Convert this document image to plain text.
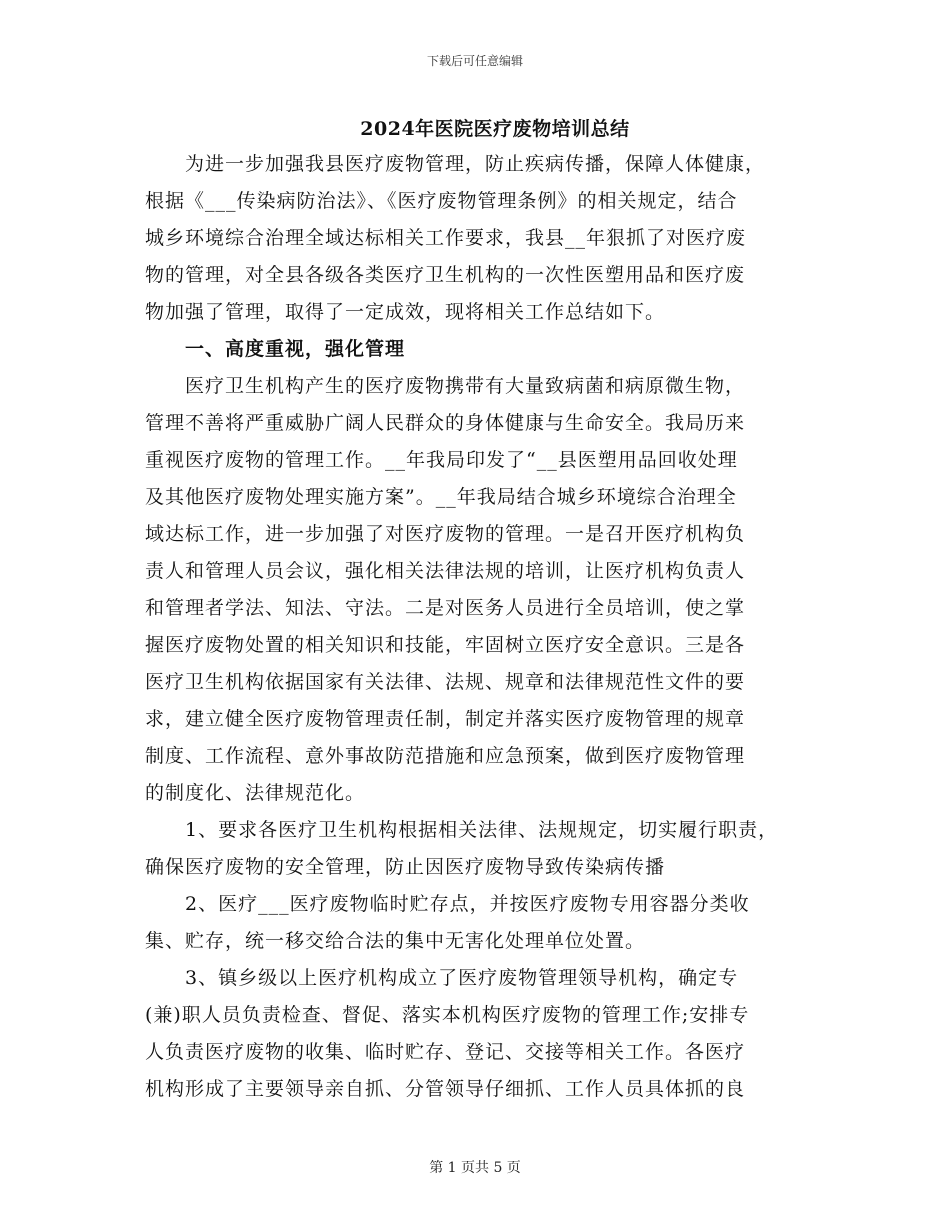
下载后可任意编辑
2024年医院医疗废物培训总结
为进一步加强我县医疗废物管理，防止疾病传播，保障人体健康，
根据《___传染病防治法》、《医疗废物管理条例》的相关规定，结合
城乡环境综合治理全域达标相关工作要求，我县__年狠抓了对医疗废
物的管理，对全县各级各类医疗卫生机构的一次性医塑用品和医疗废
物加强了管理，取得了一定成效，现将相关工作总结如下。
一、高度重视，强化管理
医疗卫生机构产生的医疗废物携带有大量致病菌和病原微生物，
管理不善将严重威胁广阔人民群众的身体健康与生命安全。我局历来
重视医疗废物的管理工作。__年我局印发了“__县医塑用品回收处理
及其他医疗废物处理实施方案”。__年我局结合城乡环境综合治理全
域达标工作，进一步加强了对医疗废物的管理。一是召开医疗机构负
责人和管理人员会议，强化相关法律法规的培训，让医疗机构负责人
和管理者学法、知法、守法。二是对医务人员进行全员培训，使之掌
握医疗废物处置的相关知识和技能，牢固树立医疗安全意识。三是各
医疗卫生机构依据国家有关法律、法规、规章和法律规范性文件的要
求，建立健全医疗废物管理责任制，制定并落实医疗废物管理的规章
制度、工作流程、意外事故防范措施和应急预案，做到医疗废物管理
的制度化、法律规范化。
1、要求各医疗卫生机构根据相关法律、法规规定，切实履行职责，
确保医疗废物的安全管理，防止因医疗废物导致传染病传播
2、医疗___医疗废物临时贮存点，并按医疗废物专用容器分类收
集、贮存，统一移交给合法的集中无害化处理单位处置。
3、镇乡级以上医疗机构成立了医疗废物管理领导机构，确定专
(兼)职人员负责检查、督促、落实本机构医疗废物的管理工作;安排专
人负责医疗废物的收集、临时贮存、登记、交接等相关工作。各医疗
机构形成了主要领导亲自抓、分管领导仔细抓、工作人员具体抓的良
第 1 页共 5 页
